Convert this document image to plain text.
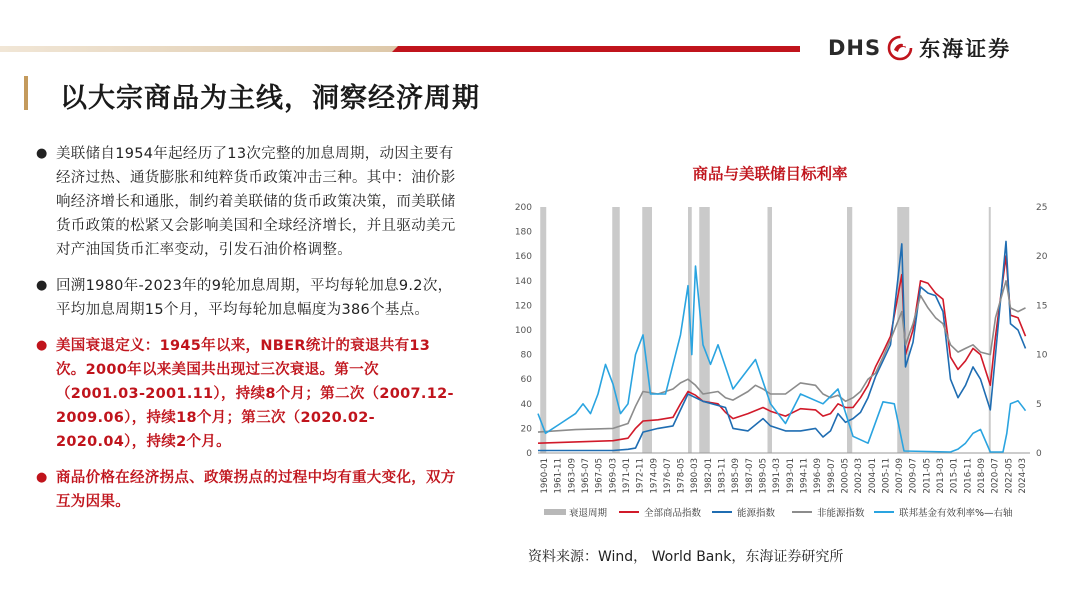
DHS 东海证券
以大宗商品为主线，洞察经济周期
● 美联储自1954年起经历了13次完整的加息周期，动因主要有经济过热、通货膨胀和纯粹货币政策冲击三种。其中：油价影响经济增长和通胀，制约着美联储的货币政策决策，而美联储货币政策的松紧又会影响美国和全球经济增长，并且驱动美元对产油国货币汇率变动，引发石油价格调整。
● 回溯1980年-2023年的9轮加息周期，平均每轮加息9.2次，平均加息周期15个月，平均每轮加息幅度为386个基点。
● 美国衰退定义：1945年以来，NBER统计的衰退共有13次。2000年以来美国共出现过三次衰退。第一次（2001.03-2001.11），持续8个月；第二次（2007.12-2009.06），持续18个月；第三次（2020.02-2020.04），持续2个月。
● 商品价格在经济拐点、政策拐点的过程中均有重大变化，双方互为因果。
商品与美联储目标利率
0
20
40
60
80
100
120
140
160
180
200
0
5
10
15
20
25
1960-01 1961-11 1963-09 1965-07 1967-05 1969-03 1971-01 1972-11 1974-09 1976-07 1978-05 1980-03 1982-01 1983-11 1985-09 1987-07 1989-05 1991-03 1993-01 1994-11 1996-09 1998-07 2000-05 2002-03 2004-01 2005-11 2007-09 2009-07 2011-05 2013-03 2015-01 2016-11 2018-09 2020-07 2022-05 2024-03
衰退周期	全部商品指数	能源指数	非能源指数	联邦基金有效利率%—右轴
资料来源：Wind， World Bank，东海证券研究所
